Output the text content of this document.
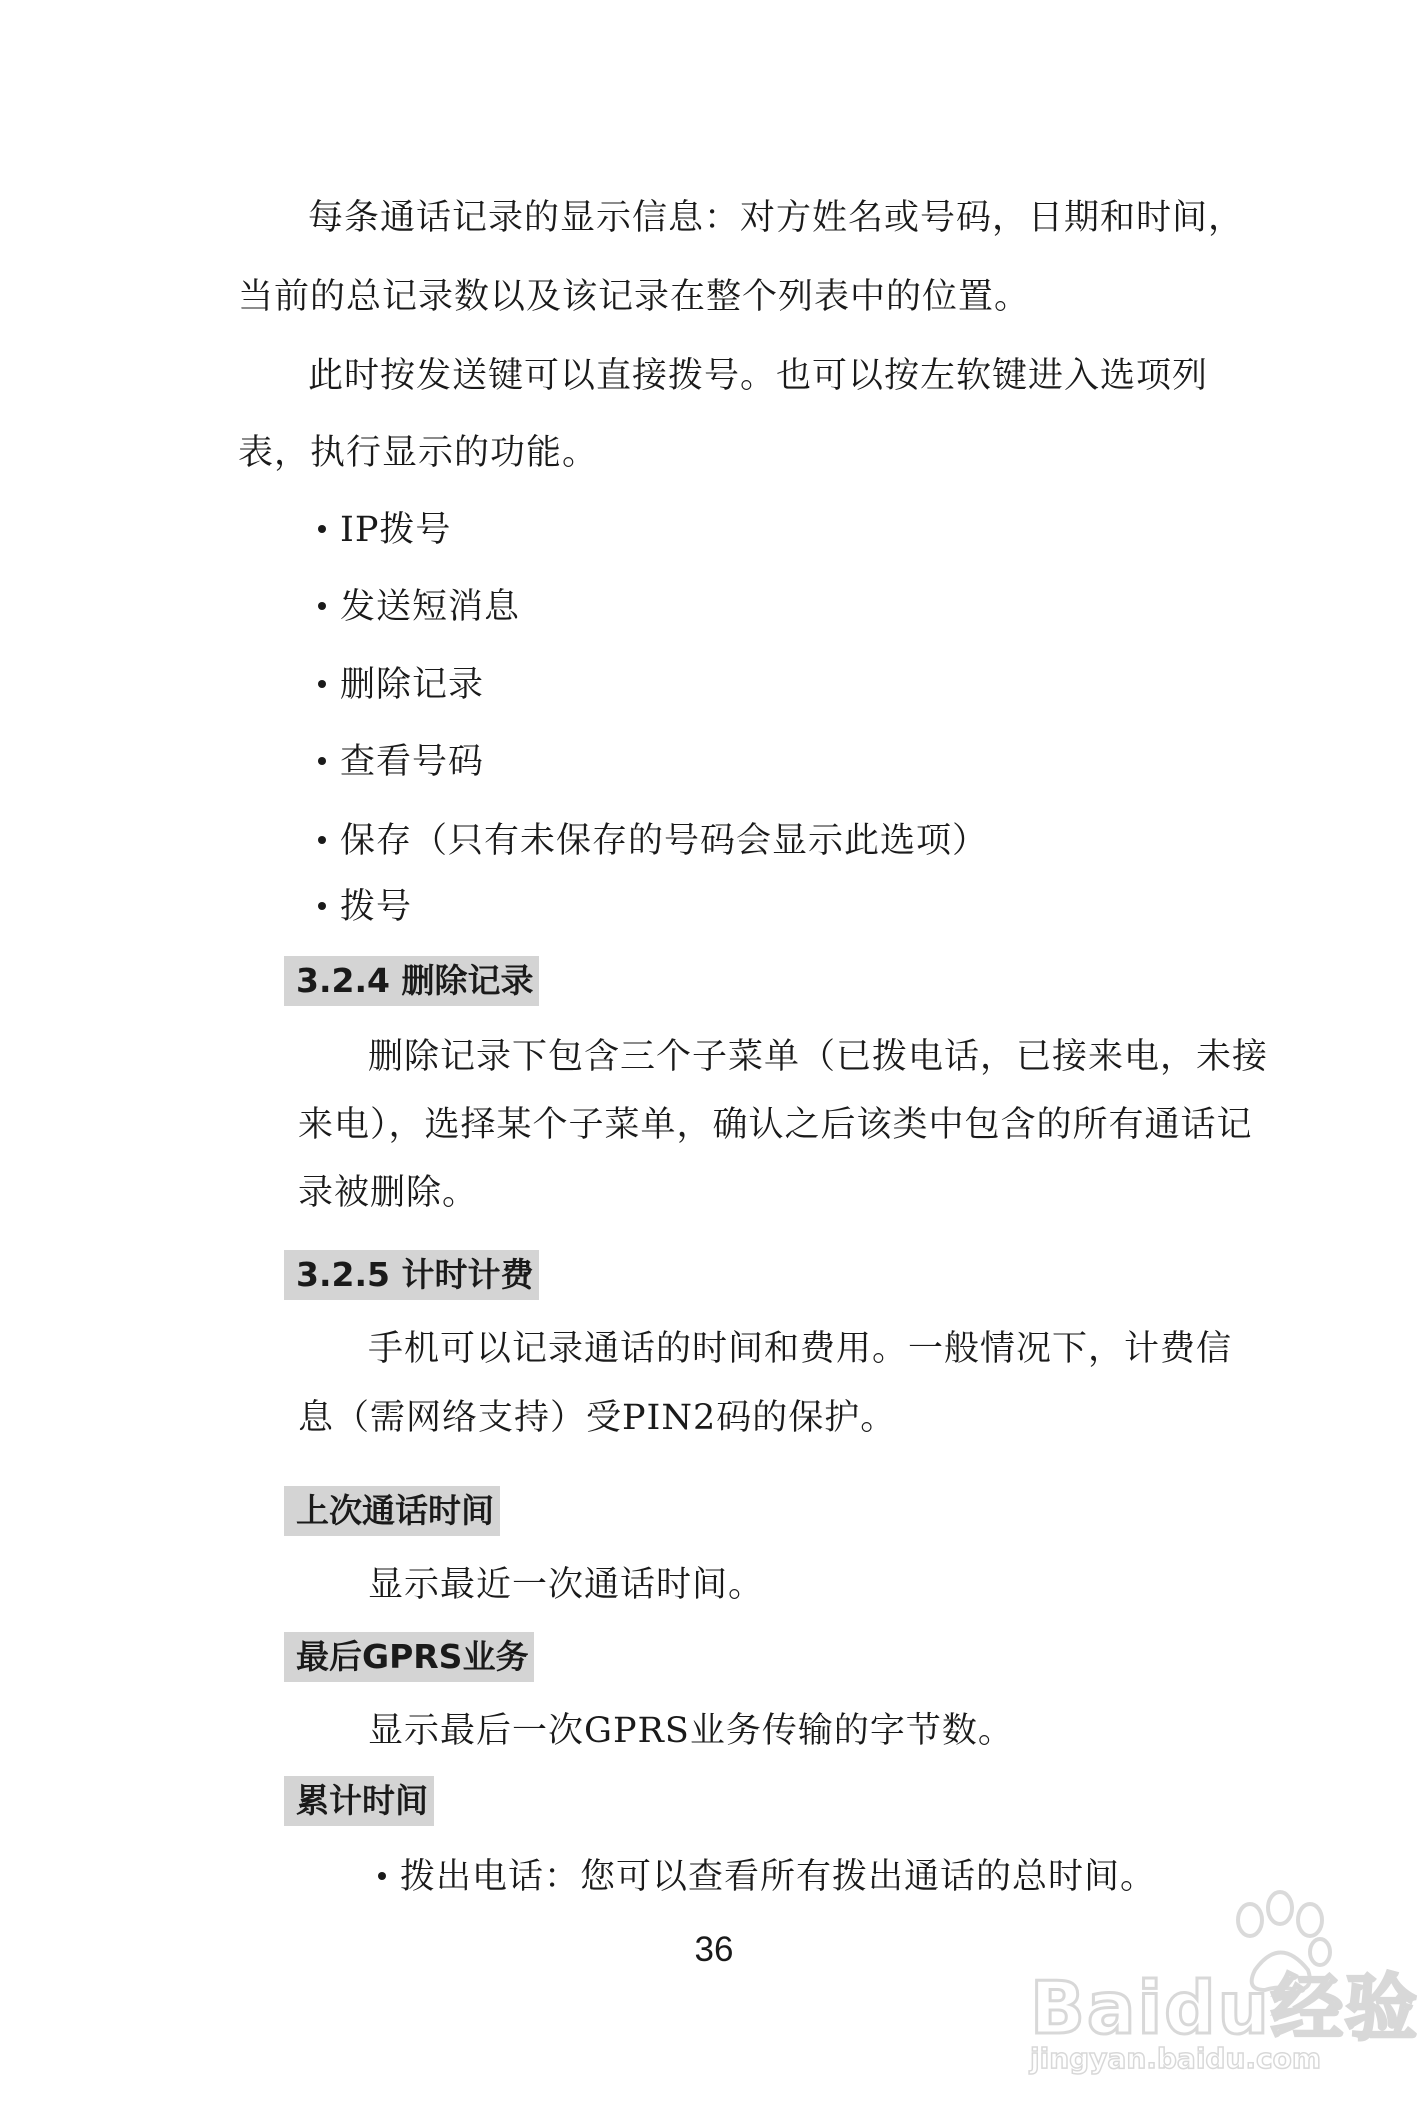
每条通话记录的显示信息：对方姓名或号码，日期和时间，
当前的总记录数以及该记录在整个列表中的位置。
此时按发送键可以直接拨号。也可以按左软键进入选项列
表，执行显示的功能。
IP拨号
发送短消息
删除记录
查看号码
保存（只有未保存的号码会显示此选项）
拨号
3.2.4 删除记录
删除记录下包含三个子菜单（已拨电话，已接来电，未接
来电），选择某个子菜单，确认之后该类中包含的所有通话记
录被删除。
3.2.5 计时计费
手机可以记录通话的时间和费用。一般情况下，计费信
息（需网络支持）受PIN2码的保护。
上次通话时间
显示最近一次通话时间。
最后GPRS业务
显示最后一次GPRS业务传输的字节数。
累计时间
拨出电话：您可以查看所有拨出通话的总时间。
36
Baidu经验
jingyan.baidu.com
